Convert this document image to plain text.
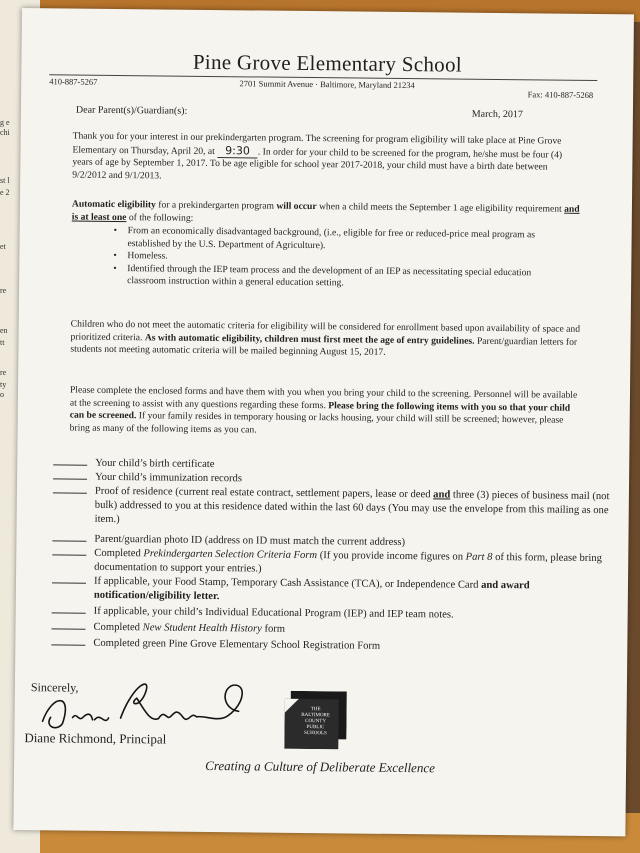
g e
chi
st l
e 2
et
re
en
tt
re
ty
o
Pine Grove Elementary School
410-887-5267	2701 Summit Avenue · Baltimore, Maryland 21234
Fax: 410-887-5268
Dear Parent(s)/Guardian(s):	March, 2017
Thank you for your interest in our prekindergarten program. The screening for program eligibility will take place at Pine Grove Elementary on Thursday, April 20, at 9:30 . In order for your child to be screened for the program, he/she must be four (4) years of age by September 1, 2017. To be age eligible for school year 2017-2018, your child must have a birth date between 9/2/2012 and 9/1/2013.
Automatic eligibility for a prekindergarten program will occur when a child meets the September 1 age eligibility requirement and is at least one of the following:
• From an economically disadvantaged background, (i.e., eligible for free or reduced-price meal program as established by the U.S. Department of Agriculture).
• Homeless.
• Identified through the IEP team process and the development of an IEP as necessitating special education classroom instruction within a general education setting.
Children who do not meet the automatic criteria for eligibility will be considered for enrollment based upon availability of space and prioritized criteria. As with automatic eligibility, children must first meet the age of entry guidelines. Parent/guardian letters for students not meeting automatic criteria will be mailed beginning August 15, 2017.
Please complete the enclosed forms and have them with you when you bring your child to the screening. Personnel will be available at the screening to assist with any questions regarding these forms. Please bring the following items with you so that your child can be screened. If your family resides in temporary housing or lacks housing, your child will still be screened; however, please bring as many of the following items as you can.
Your child’s birth certificate
Your child’s immunization records
Proof of residence (current real estate contract, settlement papers, lease or deed and three (3) pieces of business mail (not bulk) addressed to you at this residence dated within the last 60 days (You may use the envelope from this mailing as one item.)
Parent/guardian photo ID (address on ID must match the current address)
Completed Prekindergarten Selection Criteria Form (If you provide income figures on Part 8 of this form, please bring documentation to support your entries.)
If applicable, your Food Stamp, Temporary Cash Assistance (TCA), or Independence Card and award notification/eligibility letter.
If applicable, your child’s Individual Educational Program (IEP) and IEP team notes.
Completed New Student Health History form
Completed green Pine Grove Elementary School Registration Form
Sincerely,
Diane Richmond, Principal
THE
BALTIMORE
COUNTY
PUBLIC
SCHOOLS
Creating a Culture of Deliberate Excellence
